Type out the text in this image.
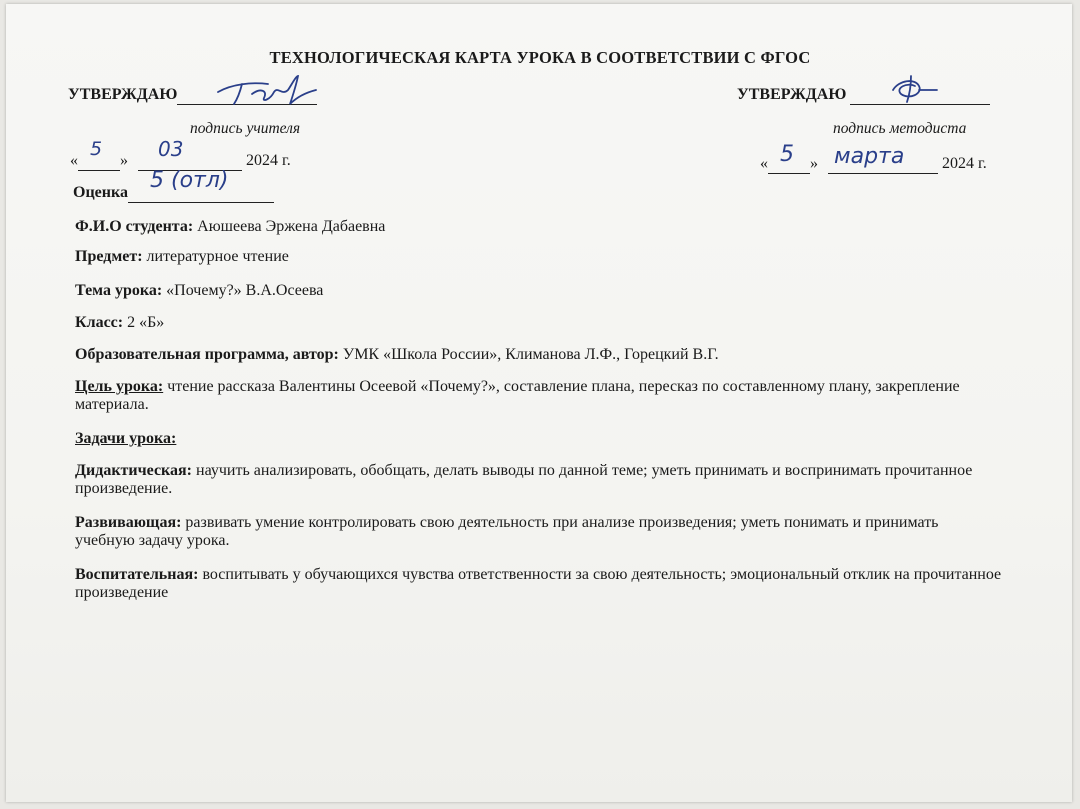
ТЕХНОЛОГИЧЕСКАЯ КАРТА УРОКА В СООТВЕТСТВИИ С ФГОС
УТВЕРЖДАЮ
подпись учителя
«	»	2024 г.
5	03
Оценка	5 (отл)
УТВЕРЖДАЮ
подпись методиста
«	»	2024 г.
5 марта
Ф.И.О студента: Аюшеева Эржена Дабаевна
Предмет: литературное чтение
Тема урока: «Почему?» В.А.Осеева
Класс: 2 «Б»
Образовательная программа, автор: УМК «Школа России», Климанова Л.Ф., Горецкий В.Г.
Цель урока: чтение рассказа Валентины Осеевой «Почему?», составление плана, пересказ по составленному плану, закрепление материала.
Задачи урока:
Дидактическая: научить анализировать, обобщать, делать выводы по данной теме; уметь принимать и воспринимать прочитанное произведение.
Развивающая: развивать умение контролировать свою деятельность при анализе произведения; уметь понимать и принимать учебную задачу урока.
Воспитательная: воспитывать у обучающихся чувства ответственности за свою деятельность; эмоциональный отклик на прочитанное произведение
